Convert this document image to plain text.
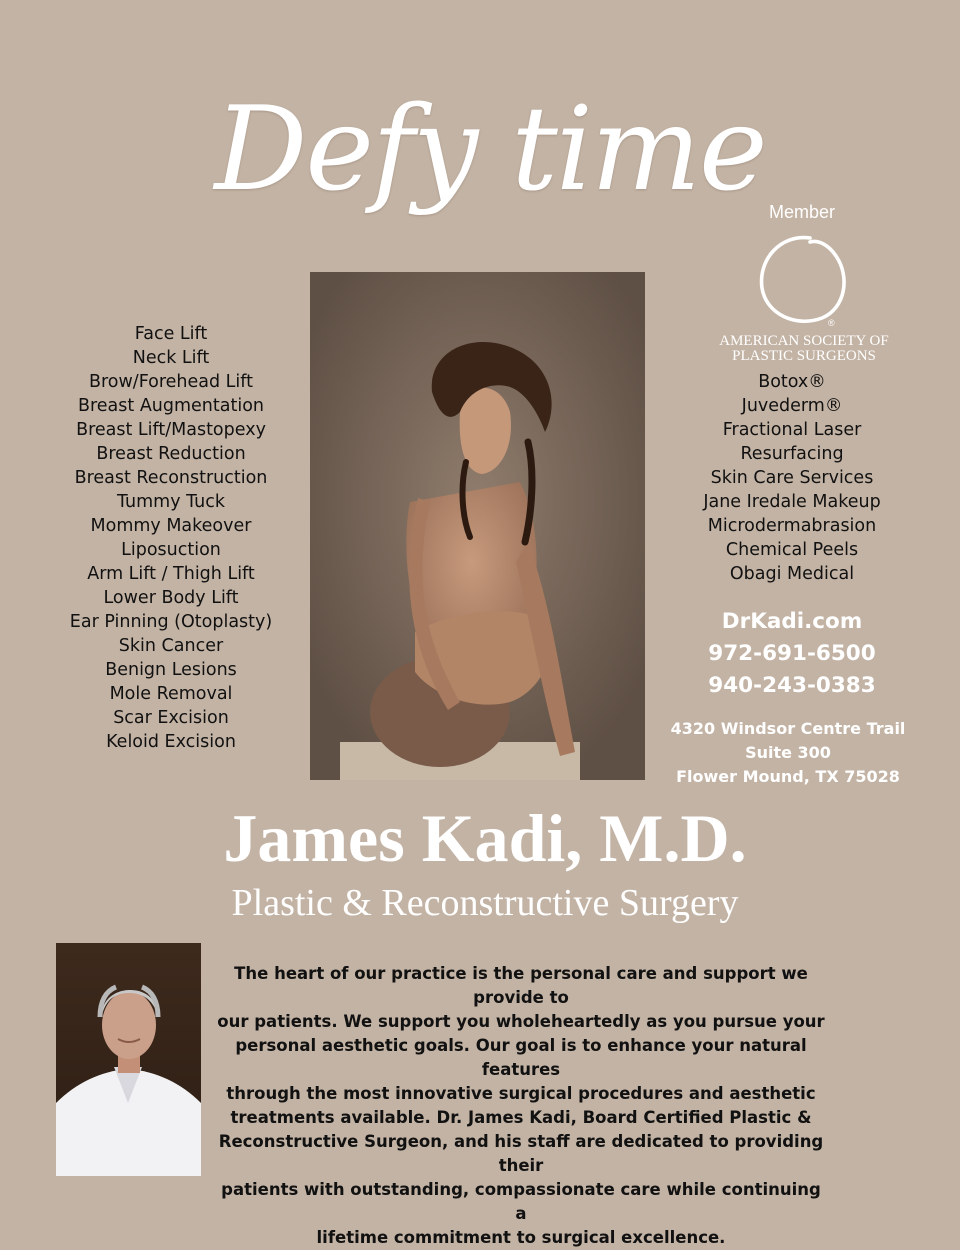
Defy time Member
®
AMERICAN SOCIETY OF
PLASTIC SURGEONS
Face Lift
Neck Lift
Brow/Forehead Lift
Breast Augmentation
Breast Lift/Mastopexy
Breast Reduction
Breast Reconstruction
Tummy Tuck
Mommy Makeover
Liposuction
Arm Lift / Thigh Lift
Lower Body Lift
Ear Pinning (Otoplasty)
Skin Cancer
Benign Lesions
Mole Removal
Scar Excision
Keloid Excision
Botox®
Juvederm®
Fractional Laser
Resurfacing
Skin Care Services
Jane Iredale Makeup
Microdermabrasion
Chemical Peels
Obagi Medical
DrKadi.com
972-691-6500
940-243-0383
4320 Windsor Centre Trail
Suite 300
Flower Mound, TX 75028
James Kadi, M.D.
Plastic & Reconstructive Surgery
The heart of our practice is the personal care and support we provide to
our patients. We support you wholeheartedly as you pursue your
personal aesthetic goals. Our goal is to enhance your natural features
through the most innovative surgical procedures and aesthetic
treatments available. Dr. James Kadi, Board Certified Plastic &
Reconstructive Surgeon, and his staff are dedicated to providing their
patients with outstanding, compassionate care while continuing a
lifetime commitment to surgical excellence.
